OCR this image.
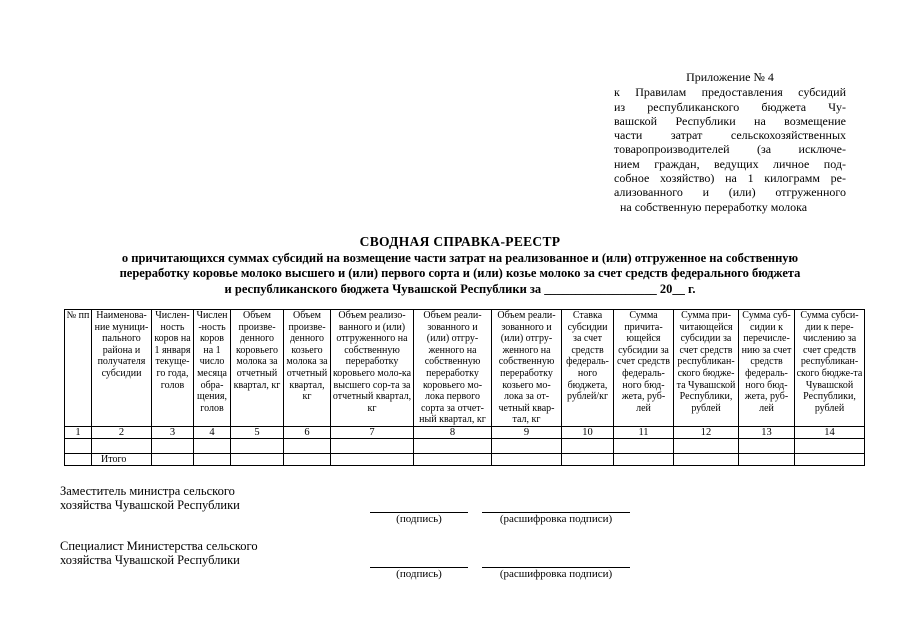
Приложение № 4
к Правилам предоставления субсидий
из республиканского бюджета Чу-
вашской Республики на возмещение
части затрат сельскохозяйственных
товаропроизводителей (за исключе-
нием граждан, ведущих личное под-
собное хозяйство) на 1 килограмм ре-
ализованного и (или) отгруженного
на собственную переработку молока
СВОДНАЯ СПРАВКА-РЕЕСТР
о причитающихся суммах субсидий на возмещение части затрат на реализованное и (или) отгруженное на собственную
переработку коровье молоко высшего и (или) первого сорта и (или) козье молоко за счет средств федерального бюджета
и республиканского бюджета Чувашской Республики за __________________ 20__ г.
№ пп	Наименова-ние муници-пального района и получателя субсидии	Числен-ность коров на 1 января текуще-го года, голов	Числен-ность коров на 1 число месяца обра-щения, голов	Объем произве-денного коровьего молока за отчетный квартал, кг	Объем произве-денного козьего молока за отчетный квартал, кг	Объем реализо-ванного и (или) отгруженного на собственную переработку коровьего моло-ка высшего сор-та за отчетный квартал, кг	Объем реали-зованного и (или) отгру-женного на собственную переработку коровьего мо-лока первого сорта за отчет-ный квартал, кг	Объем реали-зованного и (или) отгру-женного на собственную переработку козьего мо-лока за от-четный квар-тал, кг	Ставка субсидии за счет средств федераль-ного бюджета, рублей/кг	Сумма причита-ющейся субсидии за счет средств федераль-ного бюд-жета, руб-лей	Сумма при-читающейся субсидии за счет средств республикан-ского бюдже-та Чувашской Республики, рублей	Сумма суб-сидии к перечисле-нию за счет средств федераль-ного бюд-жета, руб-лей	Сумма субси-дии к пере-числению за счет средств республикан-ского бюдже-та Чувашской Республики, рублей
1	2	3	4	5	6	7	8	9	10	11	12	13	14

	Итого												
Заместитель министра сельского
хозяйства Чувашской Республики
(подпись)	(расшифровка подписи)
Специалист Министерства сельского
хозяйства Чувашской Республики
(подпись)	(расшифровка подписи)
